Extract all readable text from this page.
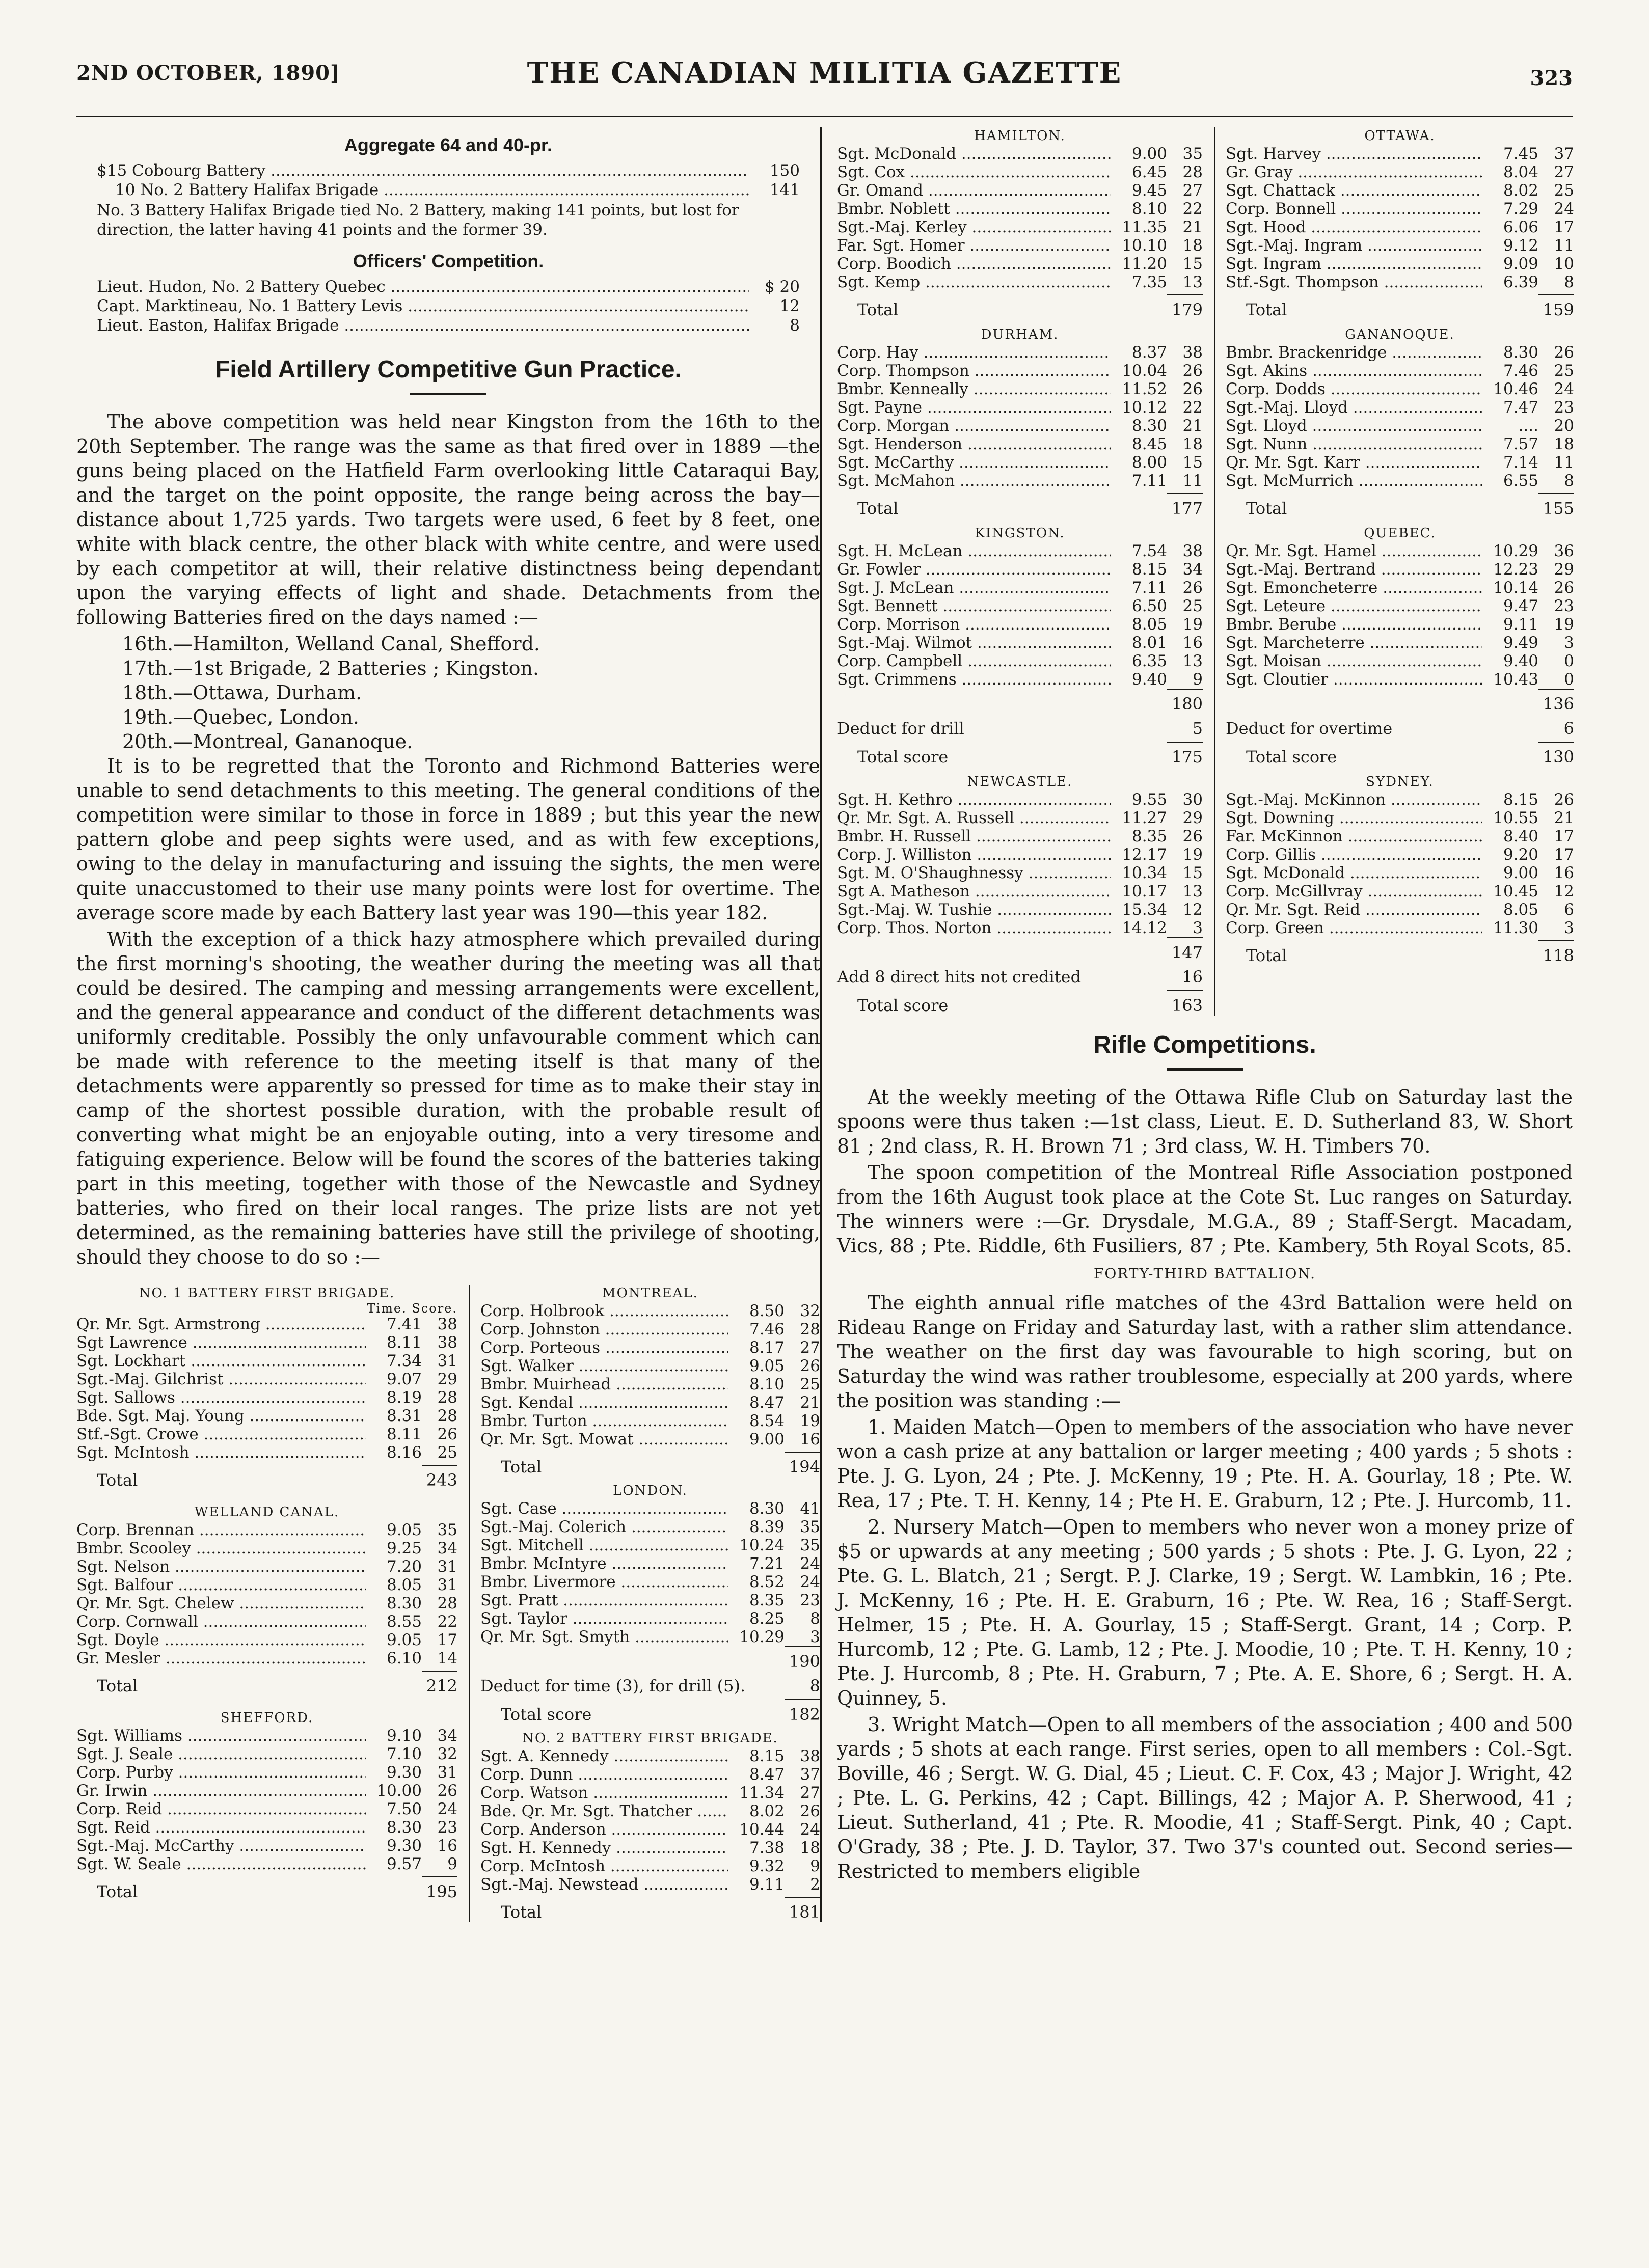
2ND OCTOBER, 1890]	THE CANADIAN MILITIA GAZETTE	323
Aggregate 64 and 40-pr.
$15 Cobourg Battery .....	150
10 No. 2 Battery Halifax Brigade .....	141
No. 3 Battery Halifax Brigade tied No. 2 Battery, making 141 points, but lost for direction, the latter having 41 points and the former 39.
Officers' Competition.
Lieut. Hudon, No. 2 Battery Quebec .....	$ 20
Capt. Marktineau, No. 1 Battery Levis .....	12
Lieut. Easton, Halifax Brigade .....	8
Field Artillery Competitive Gun Practice.

The above competition was held near Kingston from the 16th to the 20th September. The range was the same as that fired over in 1889 —the guns being placed on the Hatfield Farm overlooking little Cataraqui Bay, and the target on the point opposite, the range being across the bay—distance about 1,725 yards. Two targets were used, 6 feet by 8 feet, one white with black centre, the other black with white centre, and were used by each competitor at will, their relative distinctness being dependant upon the varying effects of light and shade. Detachments from the following Batteries fired on the days named :—

16th.—Hamilton, Welland Canal, Shefford.
17th.—1st Brigade, 2 Batteries ; Kingston.
18th.—Ottawa, Durham.
19th.—Quebec, London.
20th.—Montreal, Gananoque.

It is to be regretted that the Toronto and Richmond Batteries were unable to send detachments to this meeting. The general conditions of the competition were similar to those in force in 1889 ; but this year the new pattern globe and peep sights were used, and as with few exceptions, owing to the delay in manufacturing and issuing the sights, the men were quite unaccustomed to their use many points were lost for overtime. The average score made by each Battery last year was 190—this year 182.

With the exception of a thick hazy atmosphere which prevailed during the first morning's shooting, the weather during the meeting was all that could be desired. The camping and messing arrangements were excellent, and the general appearance and conduct of the different detachments was uniformly creditable. Possibly the only unfavourable comment which can be made with reference to the meeting itself is that many of the detachments were apparently so pressed for time as to make their stay in camp of the shortest possible duration, with the probable result of converting what might be an enjoyable outing, into a very tiresome and fatiguing experience. Below will be found the scores of the batteries taking part in this meeting, together with those of the Newcastle and Sydney batteries, who fired on their local ranges. The prize lists are not yet determined, as the remaining batteries have still the privilege of shooting, should they choose to do so :—

NO. 1 BATTERY FIRST BRIGADE.
Time. Score.
Qr. Mr. Sgt. Armstrong .....	7.41 38
Sgt Lawrence .....	8.11 38
Sgt. Lockhart .....	7.34 31
Sgt.-Maj. Gilchrist .....	9.07 29
Sgt. Sallows .....	8.19 28
Bde. Sgt. Maj. Young .....	8.31 28
Stf.-Sgt. Crowe .....	8.11 26
Sgt. McIntosh .....	8.16 25
Total	243
WELLAND CANAL.
Corp. Brennan .....	9.05 35
Bmbr. Scooley .....	9.25 34
Sgt. Nelson .....	7.20 31
Sgt. Balfour .....	8.05 31
Qr. Mr. Sgt. Chelew .....	8.30 28
Corp. Cornwall .....	8.55 22
Sgt. Doyle .....	9.05 17
Gr. Mesler .....	6.10 14
Total	212
SHEFFORD.
Sgt. Williams .....	9.10 34
Sgt. J. Seale .....	7.10 32
Corp. Purby .....	9.30 31
Gr. Irwin .....	10.00 26
Corp. Reid .....	7.50 24
Sgt. Reid .....	8.30 23
Sgt.-Maj. McCarthy .....	9.30 16
Sgt. W. Seale .....	9.57	9
Total	195
MONTREAL.
Corp. Holbrook .....	8.50 32
Corp. Johnston .....	7.46 28
Corp. Porteous .....	8.17 27
Sgt. Walker .....	9.05 26
Bmbr. Muirhead .....	8.10 25
Sgt. Kendal .....	8.47 21
Bmbr. Turton .....	8.54 19
Qr. Mr. Sgt. Mowat .....	9.00 16
Total	194
LONDON.
Sgt. Case .....	8.30 41
Sgt.-Maj. Colerich .....	8.39 35
Sgt. Mitchell .....	10.24 35
Bmbr. McIntyre .....	7.21 24
Bmbr. Livermore .....	8.52 24
Sgt. Pratt .....	8.35 23
Sgt. Taylor .....	8.25	8
Qr. Mr. Sgt. Smyth .....	10.29	3
190
Deduct for time (3), for drill (5).	8
Total score	182
NO. 2 BATTERY FIRST BRIGADE.
Sgt. A. Kennedy .....	8.15 38
Corp. Dunn .....	8.47 37
Corp. Watson .....	11.34 27
Bde. Qr. Mr. Sgt. Thatcher .....	8.02 26
Corp. Anderson .....	10.44 24
Sgt. H. Kennedy .....	7.38 18
Corp. McIntosh .....	9.32	9
Sgt.-Maj. Newstead .....	9.11	2
Total	181
HAMILTON.
Sgt. McDonald .....	9.00 35
Sgt. Cox .....	6.45 28
Gr. Omand .....	9.45 27
Bmbr. Noblett .....	8.10 22
Sgt.-Maj. Kerley .....	11.35 21
Far. Sgt. Homer .....	10.10 18
Corp. Boodich .....	11.20 15
Sgt. Kemp .....	7.35 13
Total	179
DURHAM.
Corp. Hay .....	8.37 38
Corp. Thompson .....	10.04 26
Bmbr. Kenneally .....	11.52 26
Sgt. Payne .....	10.12 22
Corp. Morgan .....	8.30 21
Sgt. Henderson .....	8.45 18
Sgt. McCarthy .....	8.00 15
Sgt. McMahon .....	7.11 11
Total	177
KINGSTON.
Sgt. H. McLean .....	7.54 38
Gr. Fowler .....	8.15 34
Sgt. J. McLean .....	7.11 26
Sgt. Bennett .....	6.50 25
Corp. Morrison .....	8.05 19
Sgt.-Maj. Wilmot .....	8.01 16
Corp. Campbell .....	6.35 13
Sgt. Crimmens .....	9.40	9
180
Deduct for drill	5
Total score	175
NEWCASTLE.
Sgt. H. Kethro .....	9.55 30
Qr. Mr. Sgt. A. Russell .....	11.27 29
Bmbr. H. Russell .....	8.35 26
Corp. J. Williston .....	12.17 19
Sgt. M. O'Shaughnessy .....	10.34 15
Sgt A. Matheson .....	10.17 13
Sgt.-Maj. W. Tushie .....	15.34 12
Corp. Thos. Norton .....	14.12	3
147
Add 8 direct hits not credited	16
Total score	163
OTTAWA.
Sgt. Harvey .....	7.45 37
Gr. Gray .....	8.04 27
Sgt. Chattack .....	8.02 25
Corp. Bonnell .....	7.29 24
Sgt. Hood .....	6.06 17
Sgt.-Maj. Ingram .....	9.12 11
Sgt. Ingram .....	9.09 10
Stf.-Sgt. Thompson .....	6.39	8
Total	159
GANANOQUE.
Bmbr. Brackenridge .....	8.30 26
Sgt. Akins .....	7.46 25
Corp. Dodds .....	10.46 24
Sgt.-Maj. Lloyd .....	7.47 23
Sgt. Lloyd .....	.... 20
Sgt. Nunn .....	7.57 18
Qr. Mr. Sgt. Karr .....	7.14 11
Sgt. McMurrich .....	6.55	8
Total	155
QUEBEC.
Qr. Mr. Sgt. Hamel .....	10.29 36
Sgt.-Maj. Bertrand .....	12.23 29
Sgt. Emoncheterre .....	10.14 26
Sgt. Leteure .....	9.47 23
Bmbr. Berube .....	9.11 19
Sgt. Marcheterre .....	9.49	3
Sgt. Moisan .....	9.40	0
Sgt. Cloutier .....	10.43	0
136
Deduct for overtime	6
Total score	130
SYDNEY.
Sgt.-Maj. McKinnon .....	8.15 26
Sgt. Downing .....	10.55 21
Far. McKinnon .....	8.40 17
Corp. Gillis .....	9.20 17
Sgt. McDonald .....	9.00 16
Corp. McGillvray .....	10.45 12
Qr. Mr. Sgt. Reid .....	8.05	6
Corp. Green .....	11.30	3
Total	118
Rifle Competitions.

At the weekly meeting of the Ottawa Rifle Club on Saturday last the spoons were thus taken :—1st class, Lieut. E. D. Sutherland 83, W. Short 81 ; 2nd class, R. H. Brown 71 ; 3rd class, W. H. Timbers 70.

The spoon competition of the Montreal Rifle Association postponed from the 16th August took place at the Cote St. Luc ranges on Saturday. The winners were :—Gr. Drysdale, M.G.A., 89 ; Staff-Sergt. Macadam, Vics, 88 ; Pte. Riddle, 6th Fusiliers, 87 ; Pte. Kambery, 5th Royal Scots, 85.

FORTY-THIRD BATTALION.

The eighth annual rifle matches of the 43rd Battalion were held on Rideau Range on Friday and Saturday last, with a rather slim attendance. The weather on the first day was favourable to high scoring, but on Saturday the wind was rather troublesome, especially at 200 yards, where the position was standing :—

1. Maiden Match—Open to members of the association who have never won a cash prize at any battalion or larger meeting ; 400 yards ; 5 shots : Pte. J. G. Lyon, 24 ; Pte. J. McKenny, 19 ; Pte. H. A. Gourlay, 18 ; Pte. W. Rea, 17 ; Pte. T. H. Kenny, 14 ; Pte H. E. Graburn, 12 ; Pte. J. Hurcomb, 11.

2. Nursery Match—Open to members who never won a money prize of $5 or upwards at any meeting ; 500 yards ; 5 shots : Pte. J. G. Lyon, 22 ; Pte. G. L. Blatch, 21 ; Sergt. P. J. Clarke, 19 ; Sergt. W. Lambkin, 16 ; Pte. J. McKenny, 16 ; Pte. H. E. Graburn, 16 ; Pte. W. Rea, 16 ; Staff-Sergt. Helmer, 15 ; Pte. H. A. Gourlay, 15 ; Staff-Sergt. Grant, 14 ; Corp. P. Hurcomb, 12 ; Pte. G. Lamb, 12 ; Pte. J. Moodie, 10 ; Pte. T. H. Kenny, 10 ; Pte. J. Hurcomb, 8 ; Pte. H. Graburn, 7 ; Pte. A. E. Shore, 6 ; Sergt. H. A. Quinney, 5.

3. Wright Match—Open to all members of the association ; 400 and 500 yards ; 5 shots at each range. First series, open to all members : Col.-Sgt. Boville, 46 ; Sergt. W. G. Dial, 45 ; Lieut. C. F. Cox, 43 ; Major J. Wright, 42 ; Pte. L. G. Perkins, 42 ; Capt. Billings, 42 ; Major A. P. Sherwood, 41 ; Lieut. Sutherland, 41 ; Pte. R. Moodie, 41 ; Staff-Sergt. Pink, 40 ; Capt. O'Grady, 38 ; Pte. J. D. Taylor, 37. Two 37's counted out. Second series—Restricted to members eligible
